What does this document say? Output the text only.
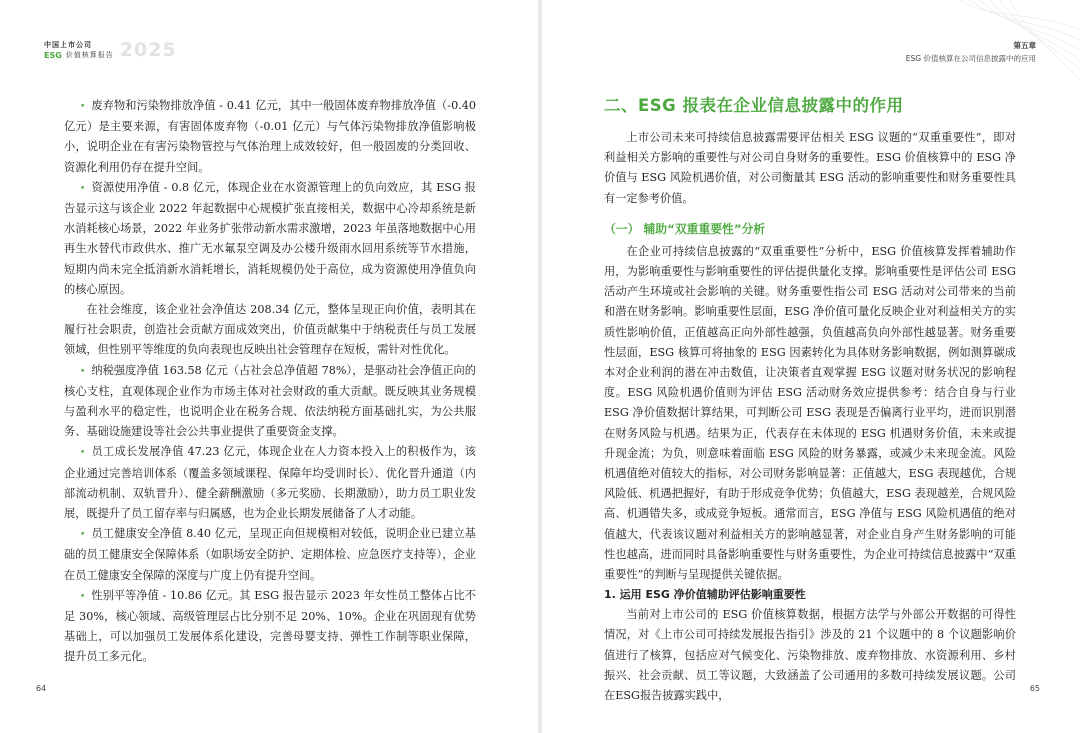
中国上市公司
ESG 价值核算报告 2025

• 废弃物和污染物排放净值 - 0.41 亿元，其中一般固体废弃物排放净值（-0.40 亿元）是主要来源，有害固体废弃物（-0.01 亿元）与气体污染物排放净值影响极小，说明企业在有害污染物管控与气体治理上成效较好，但一般固废的分类回收、资源化利用仍存在提升空间。

• 资源使用净值 - 0.8 亿元，体现企业在水资源管理上的负向效应，其 ESG 报告显示这与该企业 2022 年起数据中心规模扩张直接相关，数据中心冷却系统是新水消耗核心场景，2022 年业务扩张带动新水需求激增，2023 年虽落地数据中心用再生水替代市政供水、推广无水氟泵空调及办公楼升级雨水回用系统等节水措施，短期内尚未完全抵消新水消耗增长，消耗规模仍处于高位，成为资源使用净值负向的核心原因。

在社会维度，该企业社会净值达 208.34 亿元，整体呈现正向价值，表明其在履行社会职责，创造社会贡献方面成效突出，价值贡献集中于纳税责任与员工发展领域，但性别平等维度的负向表现也反映出社会管理存在短板，需针对性优化。

• 纳税强度净值 163.58 亿元（占社会总净值超 78%），是驱动社会净值正向的核心支柱，直观体现企业作为市场主体对社会财政的重大贡献。既反映其业务规模与盈利水平的稳定性，也说明企业在税务合规、依法纳税方面基础扎实，为公共服务、基础设施建设等社会公共事业提供了重要资金支撑。

• 员工成长发展净值 47.23 亿元，体现企业在人力资本投入上的积极作为，该企业通过完善培训体系（覆盖多领域课程、保障年均受训时长）、优化晋升通道（内部流动机制、双轨晋升）、健全薪酬激励（多元奖励、长期激励），助力员工职业发展，既提升了员工留存率与归属感，也为企业长期发展储备了人才动能。

• 员工健康安全净值 8.40 亿元，呈现正向但规模相对较低，说明企业已建立基础的员工健康安全保障体系（如职场安全防护、定期体检、应急医疗支持等），企业在员工健康安全保障的深度与广度上仍有提升空间。

• 性别平等净值 - 10.86 亿元。其 ESG 报告显示 2023 年女性员工整体占比不足 30%，核心领域、高级管理层占比分别不足 20%、10%。企业在巩固现有优势基础上，可以加强员工发展体系化建设，完善母婴支持、弹性工作制等职业保障，提升员工多元化。

64
第五章
ESG 价值核算在公司信息披露中的应用
二、ESG 报表在企业信息披露中的作用

上市公司未来可持续信息披露需要评估相关 ESG 议题的“双重重要性”，即对利益相关方影响的重要性与对公司自身财务的重要性。ESG 价值核算中的 ESG 净价值与 ESG 风险机遇价值，对公司衡量其 ESG 活动的影响重要性和财务重要性具有一定参考价值。

（一） 辅助“双重重要性”分析

在企业可持续信息披露的“双重重要性”分析中，ESG 价值核算发挥着辅助作用，为影响重要性与影响重要性的评估提供量化支撑。影响重要性是评估公司 ESG 活动产生环境或社会影响的关键。财务重要性指公司 ESG 活动对公司带来的当前和潜在财务影响。影响重要性层面，ESG 净价值可量化反映企业对利益相关方的实质性影响价值，正值越高正向外部性越强，负值越高负向外部性越显著。财务重要性层面，ESG 核算可将抽象的 ESG 因素转化为具体财务影响数据，例如测算碳成本对企业利润的潜在冲击数值，让决策者直观掌握 ESG 议题对财务状况的影响程度。ESG 风险机遇价值则为评估 ESG 活动财务效应提供参考：结合自身与行业 ESG 净价值数据计算结果，可判断公司 ESG 表现是否偏离行业平均，进而识别潜在财务风险与机遇。结果为正，代表存在未体现的 ESG 机遇财务价值，未来或提升现金流；为负，则意味着面临 ESG 风险的财务暴露，或减少未来现金流。风险机遇值绝对值较大的指标，对公司财务影响显著：正值越大，ESG 表现越优，合规风险低、机遇把握好，有助于形成竞争优势；负值越大，ESG 表现越差，合规风险高、机遇错失多，或成竞争短板。通常而言，ESG 净值与 ESG 风险机遇值的绝对值越大，代表该议题对利益相关方的影响越显著，对企业自身产生财务影响的可能性也越高，进而同时具备影响重要性与财务重要性，为企业可持续信息披露中“双重重要性”的判断与呈现提供关键依据。

1. 运用 ESG 净价值辅助评估影响重要性

当前对上市公司的 ESG 价值核算数据，根据方法学与外部公开数据的可得性情况，对《上市公司可持续发展报告指引》涉及的 21 个议题中的 8 个议题影响价值进行了核算，包括应对气候变化、污染物排放、废弃物排放、水资源利用、乡村振兴、社会贡献、员工等议题，大致涵盖了公司通用的多数可持续发展议题。公司在ESG报告披露实践中，

65
